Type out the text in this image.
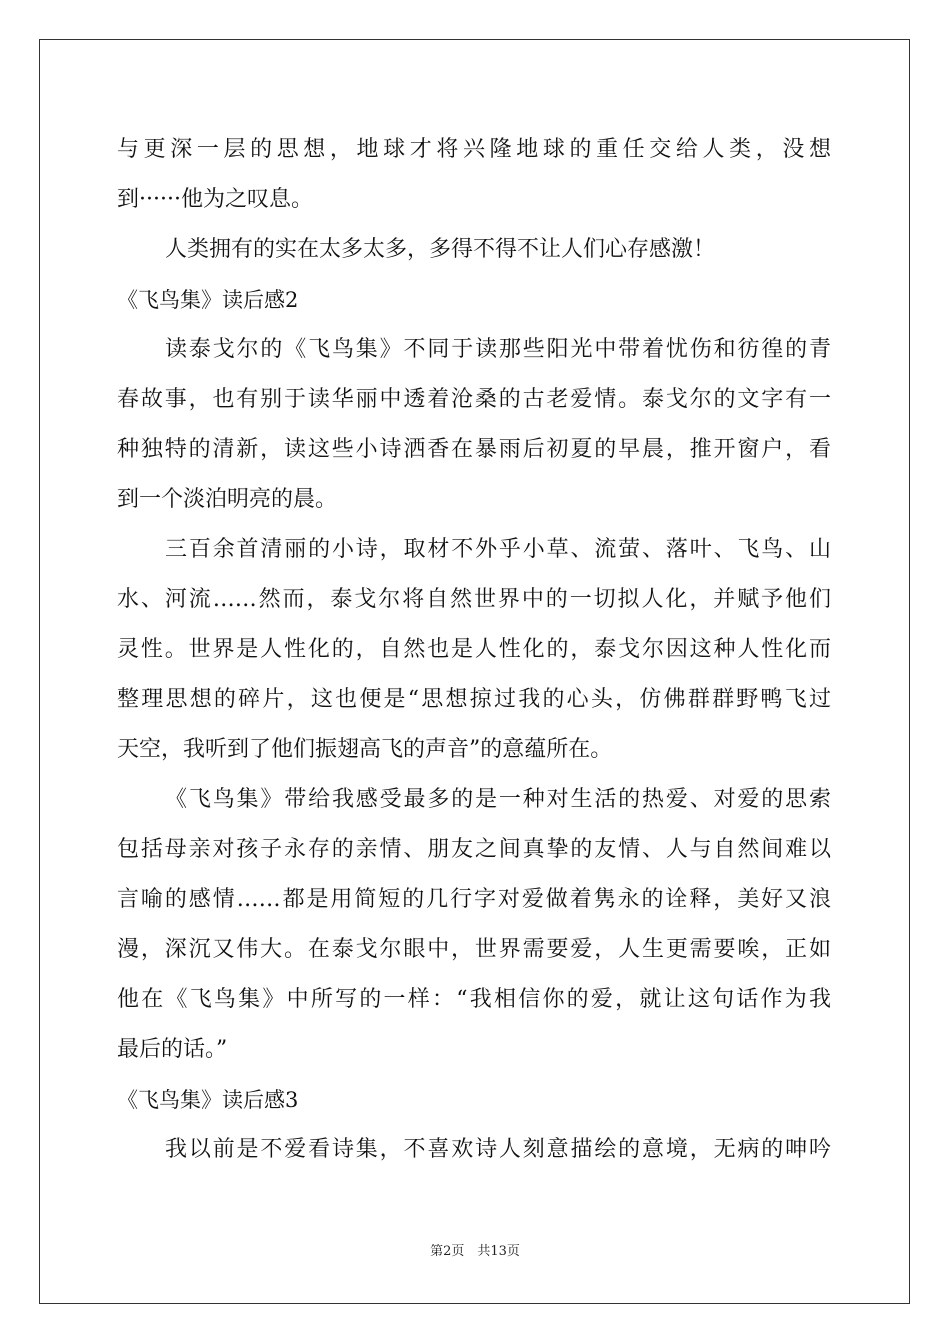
与更深一层的思想，地球才将兴隆地球的重任交给人类，没想
到······他为之叹息。
人类拥有的实在太多太多，多得不得不让人们心存感激！
《飞鸟集》读后感2
读泰戈尔的《飞鸟集》不同于读那些阳光中带着忧伤和彷徨的青
春故事，也有别于读华丽中透着沧桑的古老爱情。泰戈尔的文字有一
种独特的清新，读这些小诗洒香在暴雨后初夏的早晨，推开窗户，看
到一个淡泊明亮的晨。
三百余首清丽的小诗，取材不外乎小草、流萤、落叶、飞鸟、山
水、河流……然而，泰戈尔将自然世界中的一切拟人化，并赋予他们
灵性。世界是人性化的，自然也是人性化的，泰戈尔因这种人性化而
整理思想的碎片，这也便是“思想掠过我的心头，仿佛群群野鸭飞过
天空，我听到了他们振翅高飞的声音”的意蕴所在。
《飞鸟集》带给我感受最多的是一种对生活的热爱、对爱的思索
包括母亲对孩子永存的亲情、朋友之间真挚的友情、人与自然间难以
言喻的感情……都是用简短的几行字对爱做着隽永的诠释，美好又浪
漫，深沉又伟大。在泰戈尔眼中，世界需要爱，人生更需要唉，正如
他在《飞鸟集》中所写的一样：“我相信你的爱，就让这句话作为我
最后的话。”
《飞鸟集》读后感3
我以前是不爱看诗集，不喜欢诗人刻意描绘的意境，无病的呻吟
第2页　共13页
